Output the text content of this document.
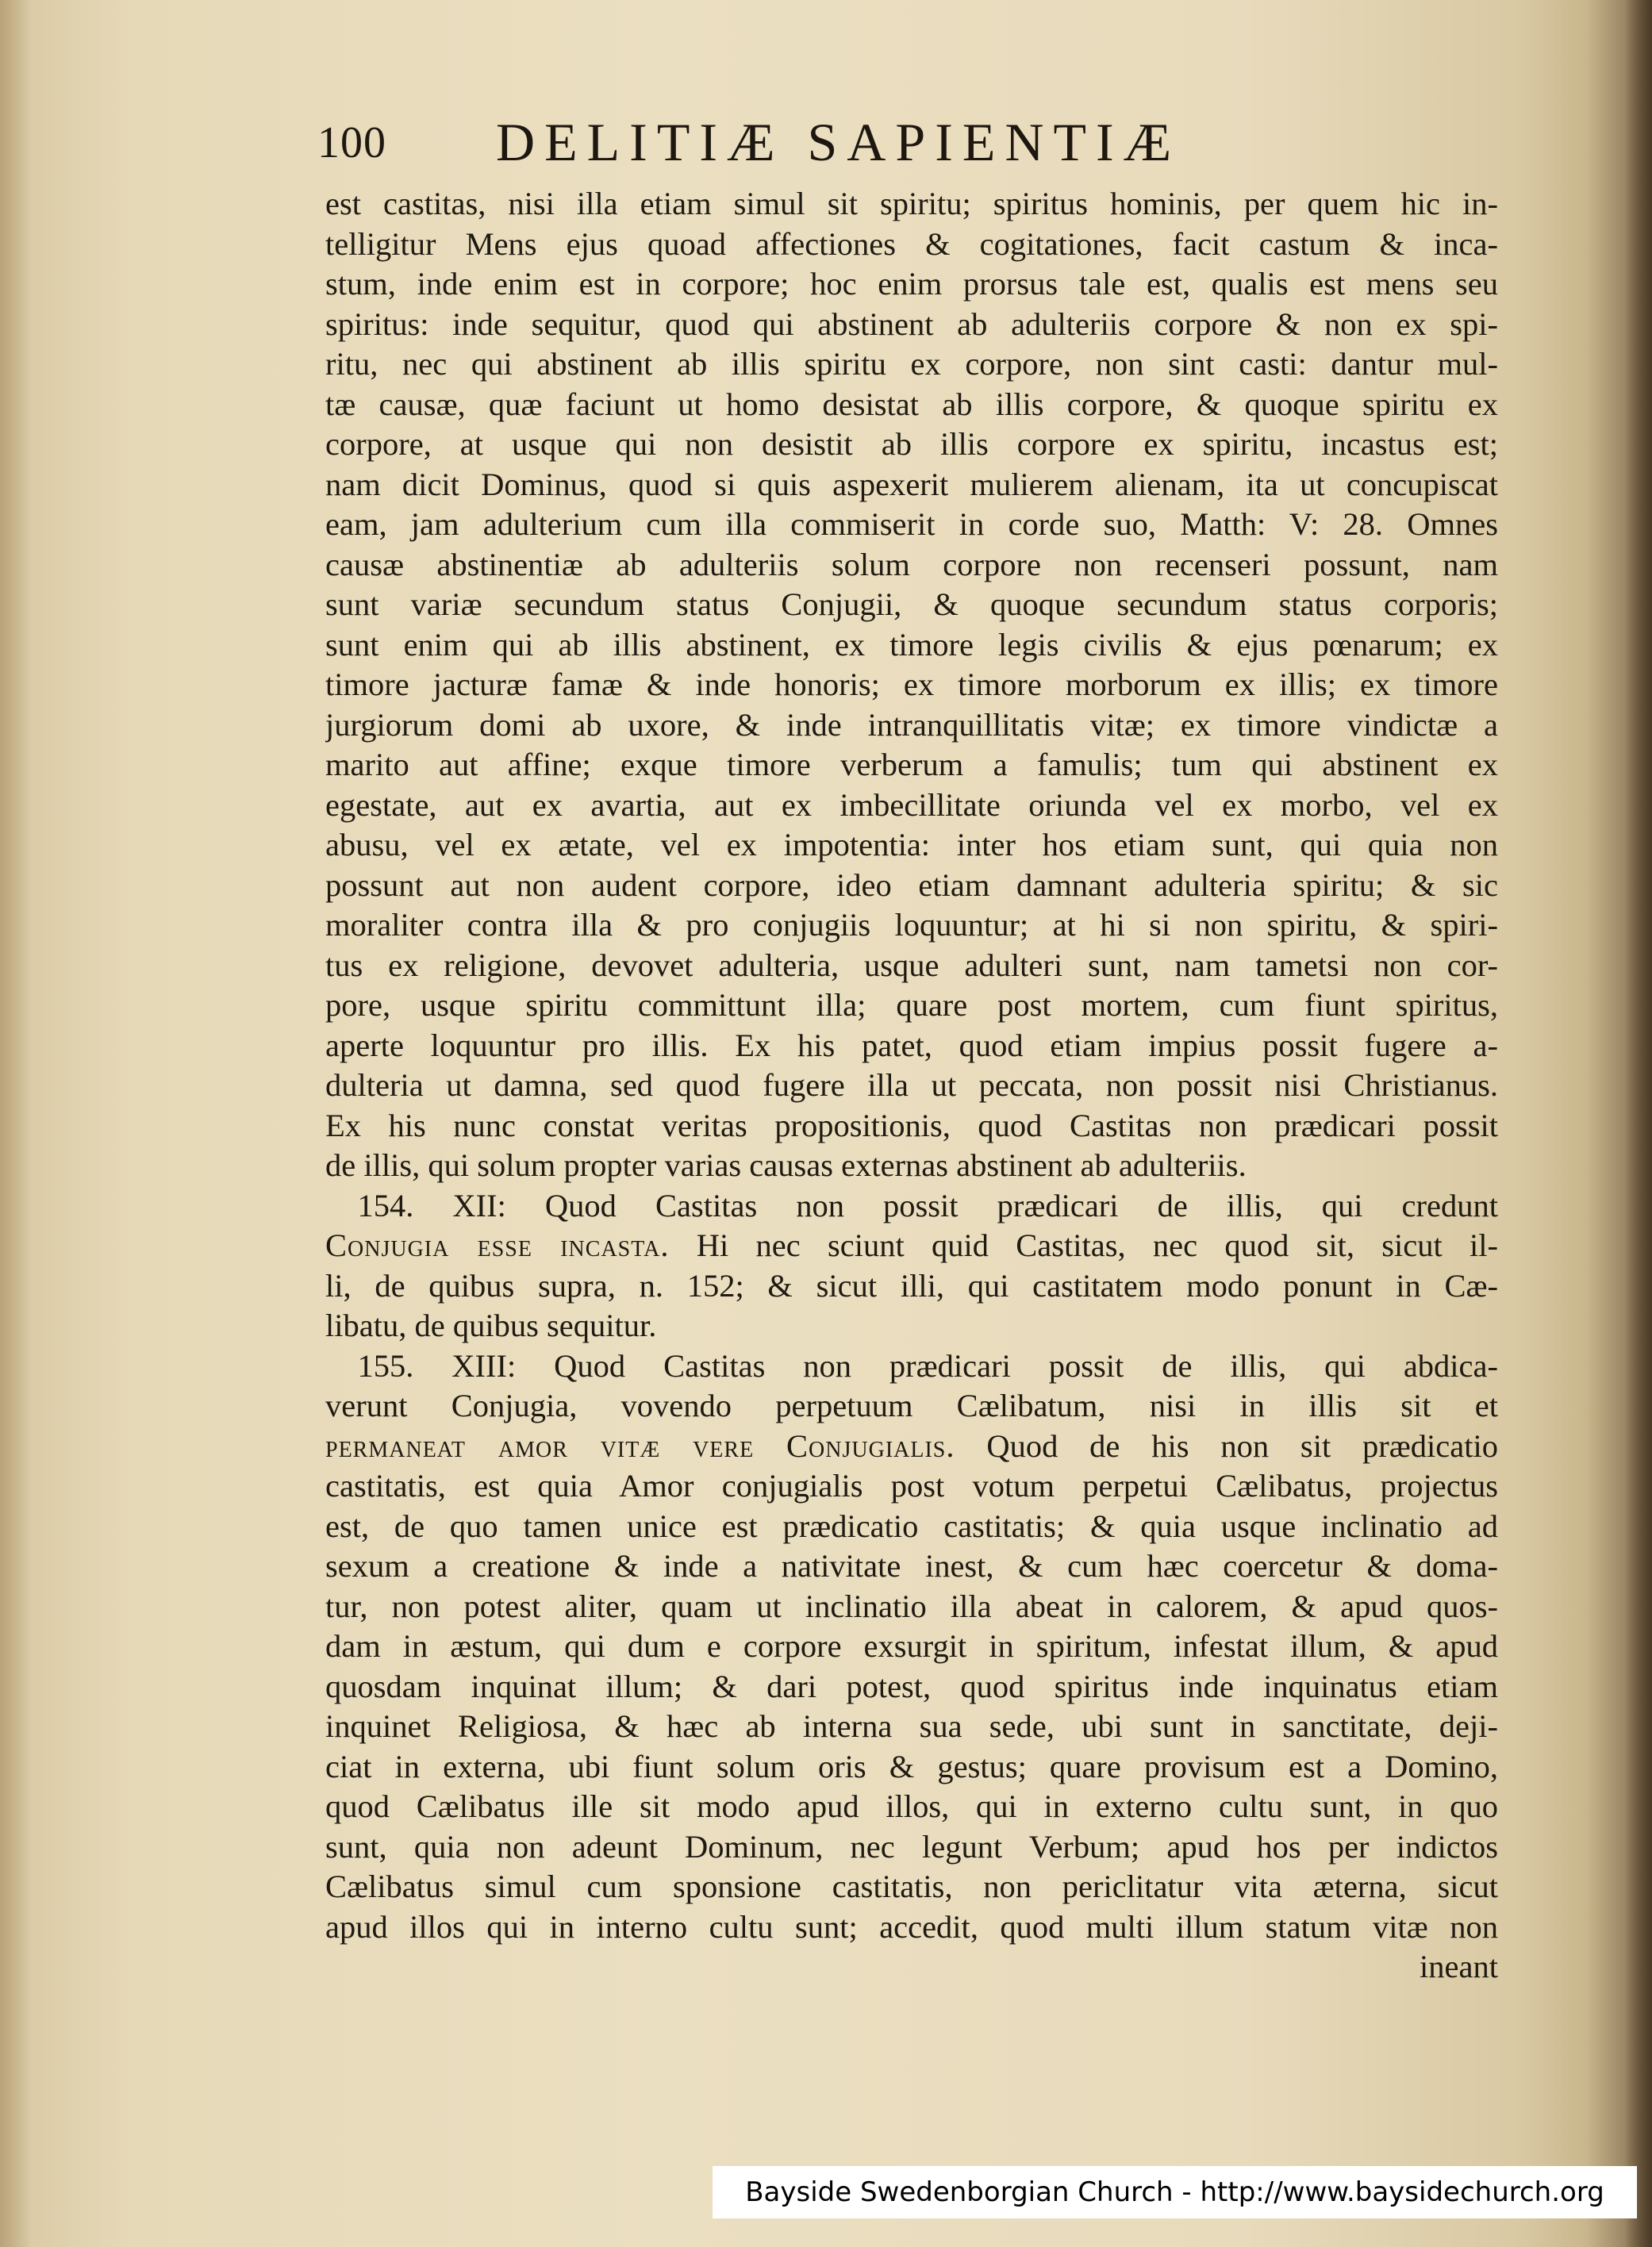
100 DELITIÆ SAPIENTIÆ
est castitas, nisi illa etiam simul sit spiritu; spiritus hominis, per quem hic in-
telligitur Mens ejus quoad affectiones & cogitationes, facit castum & inca-
stum, inde enim est in corpore; hoc enim prorsus tale est, qualis est mens seu
spiritus: inde sequitur, quod qui abstinent ab adulteriis corpore & non ex spi-
ritu, nec qui abstinent ab illis spiritu ex corpore, non sint casti: dantur mul-
tæ causæ, quæ faciunt ut homo desistat ab illis corpore, & quoque spiritu ex
corpore, at usque qui non desistit ab illis corpore ex spiritu, incastus est;
nam dicit Dominus, quod si quis aspexerit mulierem alienam, ita ut concupiscat
eam, jam adulterium cum illa commiserit in corde suo, Matth: V: 28. Omnes
causæ abstinentiæ ab adulteriis solum corpore non recenseri possunt, nam
sunt variæ secundum status Conjugii, & quoque secundum status corporis;
sunt enim qui ab illis abstinent, ex timore legis civilis & ejus pœnarum; ex
timore jacturæ famæ & inde honoris; ex timore morborum ex illis; ex timore
jurgiorum domi ab uxore, & inde intranquillitatis vitæ; ex timore vindictæ a
marito aut affine; exque timore verberum a famulis; tum qui abstinent ex
egestate, aut ex avartia, aut ex imbecillitate oriunda vel ex morbo, vel ex
abusu, vel ex ætate, vel ex impotentia: inter hos etiam sunt, qui quia non
possunt aut non audent corpore, ideo etiam damnant adulteria spiritu; & sic
moraliter contra illa & pro conjugiis loquuntur; at hi si non spiritu, & spiri-
tus ex religione, devovet adulteria, usque adulteri sunt, nam tametsi non cor-
pore, usque spiritu committunt illa; quare post mortem, cum fiunt spiritus,
aperte loquuntur pro illis. Ex his patet, quod etiam impius possit fugere a-
dulteria ut damna, sed quod fugere illa ut peccata, non possit nisi Christianus.
Ex his nunc constat veritas propositionis, quod Castitas non prædicari possit
de illis, qui solum propter varias causas externas abstinent ab adulteriis.
 154. XII: Quod Castitas non possit prædicari de illis, qui credunt
Conjugia esse incasta. Hi nec sciunt quid Castitas, nec quod sit, sicut il-
li, de quibus supra, n. 152; & sicut illi, qui castitatem modo ponunt in Cæ-
libatu, de quibus sequitur.
 155. XIII: Quod Castitas non prædicari possit de illis, qui abdica-
verunt Conjugia, vovendo perpetuum Cælibatum, nisi in illis sit et
permaneat amor vitæ vere Conjugialis. Quod de his non sit prædicatio
castitatis, est quia Amor conjugialis post votum perpetui Cælibatus, projectus
est, de quo tamen unice est prædicatio castitatis; & quia usque inclinatio ad
sexum a creatione & inde a nativitate inest, & cum hæc coercetur & doma-
tur, non potest aliter, quam ut inclinatio illa abeat in calorem, & apud quos-
dam in æstum, qui dum e corpore exsurgit in spiritum, infestat illum, & apud
quosdam inquinat illum; & dari potest, quod spiritus inde inquinatus etiam
inquinet Religiosa, & hæc ab interna sua sede, ubi sunt in sanctitate, deji-
ciat in externa, ubi fiunt solum oris & gestus; quare provisum est a Domino,
quod Cælibatus ille sit modo apud illos, qui in externo cultu sunt, in quo
sunt, quia non adeunt Dominum, nec legunt Verbum; apud hos per indictos
Cælibatus simul cum sponsione castitatis, non periclitatur vita æterna, sicut
apud illos qui in interno cultu sunt; accedit, quod multi illum statum vitæ non
ineant
Bayside Swedenborgian Church - http://www.baysidechurch.org
